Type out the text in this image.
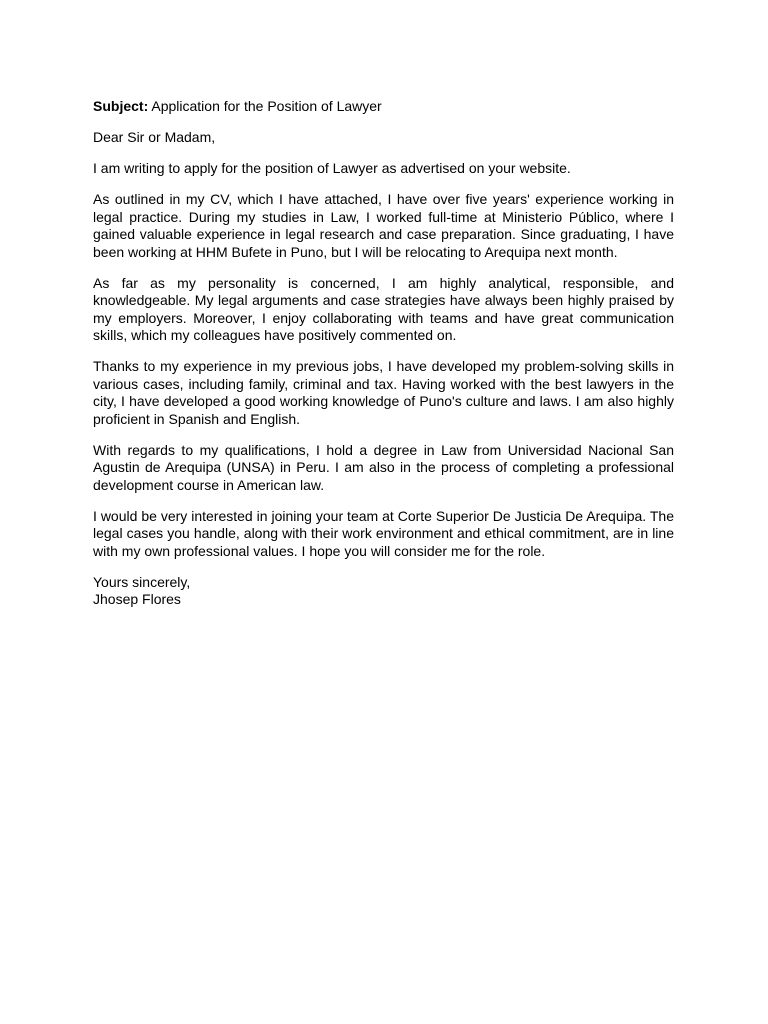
Subject: Application for the Position of Lawyer
Dear Sir or Madam,
I am writing to apply for the position of Lawyer as advertised on your website.
As outlined in my CV, which I have attached, I have over five years' experience working in legal practice. During my studies in Law, I worked full-time at Ministerio Público, where I gained valuable experience in legal research and case preparation. Since graduating, I have been working at HHM Bufete in Puno, but I will be relocating to Arequipa next month.
As far as my personality is concerned, I am highly analytical, responsible, and knowledgeable. My legal arguments and case strategies have always been highly praised by my employers. Moreover, I enjoy collaborating with teams and have great communication skills, which my colleagues have positively commented on.
Thanks to my experience in my previous jobs, I have developed my problem-solving skills in various cases, including family, criminal and tax. Having worked with the best lawyers in the city, I have developed a good working knowledge of Puno's culture and laws. I am also highly proficient in Spanish and English.
With regards to my qualifications, I hold a degree in Law from Universidad Nacional San Agustin de Arequipa (UNSA) in Peru. I am also in the process of completing a professional development course in American law.
I would be very interested in joining your team at Corte Superior De Justicia De Arequipa. The legal cases you handle, along with their work environment and ethical commitment, are in line with my own professional values. I hope you will consider me for the role.
Yours sincerely,
Jhosep Flores
